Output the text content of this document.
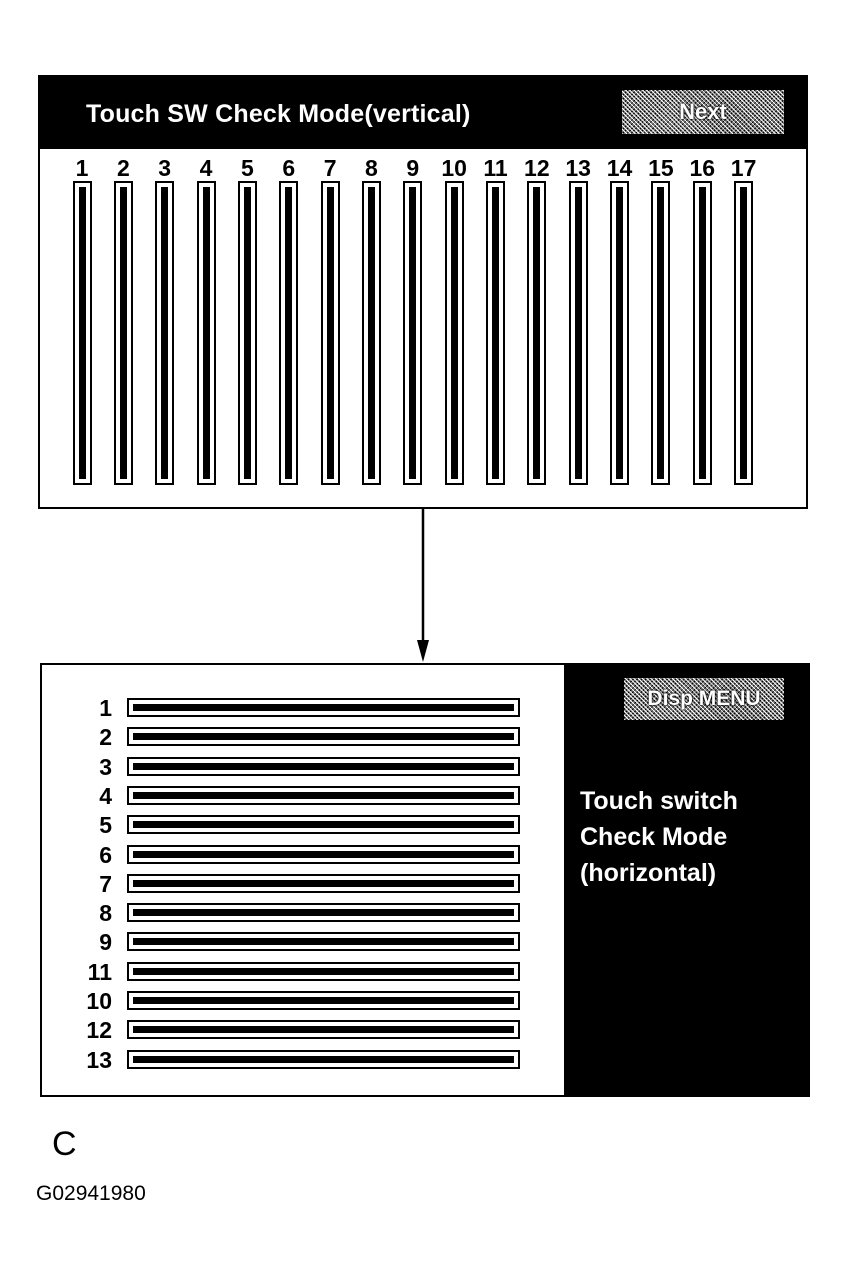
Touch SW Check Mode(vertical)	Next
1	2	3	4	5	6	7	8	9 10 11 12 13 14 15 16 17
1
2
3
4
5
6
7
8
9
11
10
12
13
Disp MENU
Touch switch
Check Mode
(horizontal)
C
G02941980
